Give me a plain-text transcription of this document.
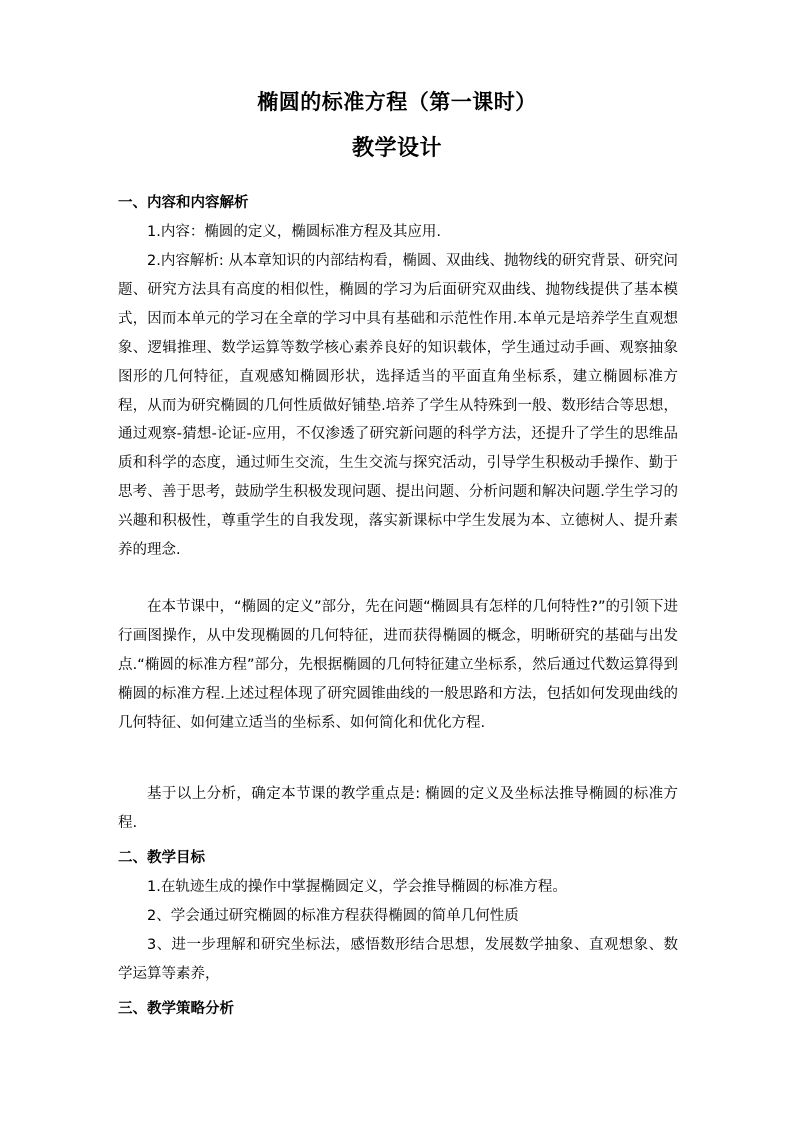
椭圆的标准方程（第一课时）
教学设计
一、内容和内容解析

1.内容：椭圆的定义，椭圆标准方程及其应用.

2.内容解析: 从本章知识的内部结构看，椭圆、双曲线、抛物线的研究背景、研究问题、研究方法具有高度的相似性，椭圆的学习为后面研究双曲线、抛物线提供了基本模式，因而本单元的学习在全章的学习中具有基础和示范性作用.本单元是培养学生直观想象、逻辑推理、数学运算等数学核心素养良好的知识载体，学生通过动手画、观察抽象图形的几何特征，直观感知椭圆形状，选择适当的平面直角坐标系，建立椭圆标准方程，从而为研究椭圆的几何性质做好铺垫.培养了学生从特殊到一般、数形结合等思想，通过观察-猜想-论证-应用，不仅渗透了研究新问题的科学方法，还提升了学生的思维品质和科学的态度，通过师生交流，生生交流与探究活动，引导学生积极动手操作、勤于思考、善于思考，鼓励学生积极发现问题、提出问题、分析问题和解决问题.学生学习的兴趣和积极性，尊重学生的自我发现，落实新课标中学生发展为本、立德树人、提升素养的理念.

在本节课中，“椭圆的定义”部分，先在问题“椭圆具有怎样的几何特性?”的引领下进行画图操作，从中发现椭圆的几何特征，进而获得椭圆的概念，明晰研究的基础与出发点.“椭圆的标准方程”部分，先根据椭圆的几何特征建立坐标系，然后通过代数运算得到椭圆的标准方程.上述过程体现了研究圆锥曲线的一般思路和方法，包括如何发现曲线的几何特征、如何建立适当的坐标系、如何简化和优化方程.

基于以上分析，确定本节课的教学重点是: 椭圆的定义及坐标法推导椭圆的标准方程.

二、教学目标

1.在轨迹生成的操作中掌握椭圆定义，学会推导椭圆的标准方程。

2、学会通过研究椭圆的标准方程获得椭圆的简单几何性质

3、进一步理解和研究坐标法，感悟数形结合思想，发展数学抽象、直观想象、数学运算等素养，

三、教学策略分析
